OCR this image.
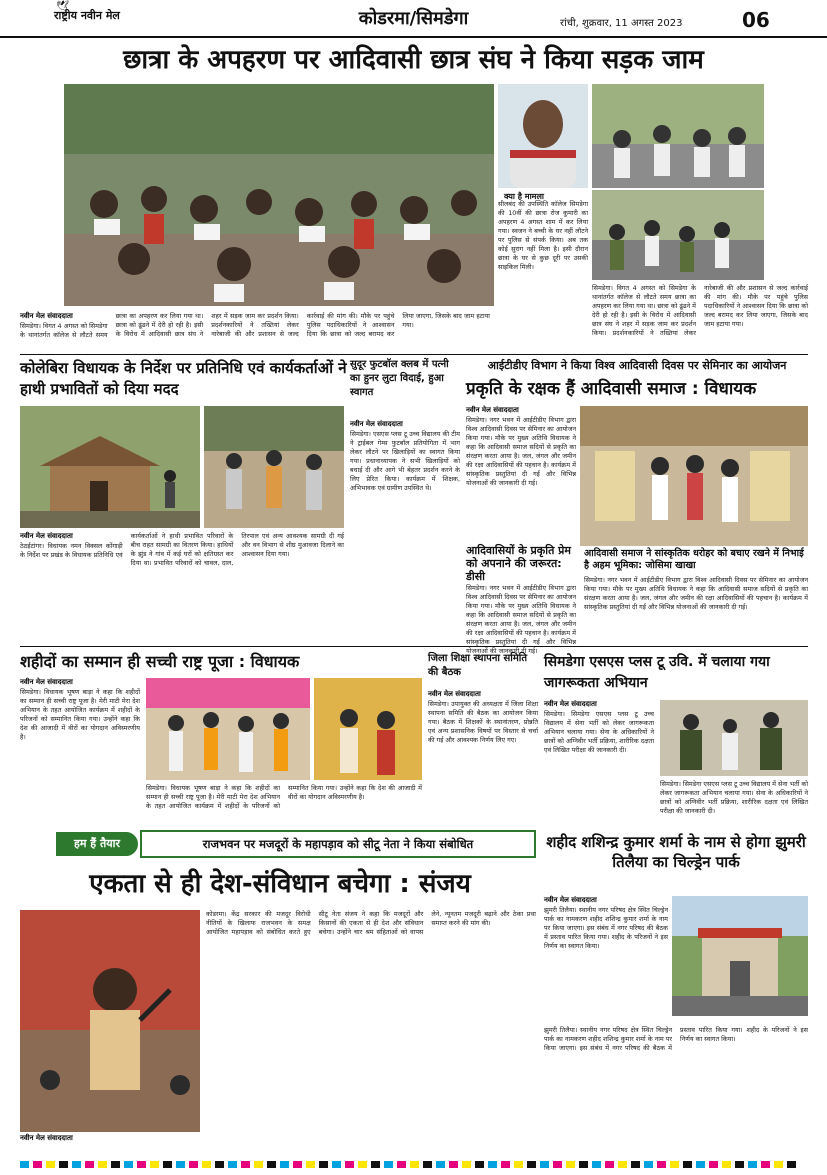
🕊
राष्ट्रीय नवीन मेल	कोडरमा/सिमडेगा	रांची, शुक्रवार, 11 अगस्त 2023	06
छात्रा के अपहरण पर आदिवासी छात्र संघ ने किया सड़क जाम
क्या है मामला
नवीन मेल संवाददाता
सिमडेगा। विगत 4 अगस्त को सिमडेगा के थानांतर्गत कॉलेज से लौटते समय छात्रा का अपहरण कर लिया गया था। छात्रा को ढूंढने में देरी हो रही है। इसी के विरोध में आदिवासी छात्र संघ ने शहर में सड़क जाम कर प्रदर्शन किया। प्रदर्शनकारियों ने तख्तियां लेकर नारेबाजी की और प्रशासन से जल्द कार्रवाई की मांग की। मौके पर पहुंचे पुलिस पदाधिकारियों ने आश्वासन दिया कि छात्रा को जल्द बरामद कर लिया जाएगा, जिसके बाद जाम हटाया गया।
सीलबंद की उपस्थिति कॉलेज सिमडेगा की 10वीं की छात्रा रोज कुमारी का अपहरण 4 अगस्त शाम में कर लिया गया। स्वजन ने बच्ची के घर नहीं लौटने पर पुलिस से संपर्क किया। अब तक कोई सुराग नहीं मिला है। इसी दौरान छात्रा के घर से कुछ दूरी पर उसकी साइकिल मिली।
सिमडेगा। विगत 4 अगस्त को सिमडेगा के थानांतर्गत कॉलेज से लौटते समय छात्रा का अपहरण कर लिया गया था। छात्रा को ढूंढने में देरी हो रही है। इसी के विरोध में आदिवासी छात्र संघ ने शहर में सड़क जाम कर प्रदर्शन किया। प्रदर्शनकारियों ने तख्तियां लेकर नारेबाजी की और प्रशासन से जल्द कार्रवाई की मांग की। मौके पर पहुंचे पुलिस पदाधिकारियों ने आश्वासन दिया कि छात्रा को जल्द बरामद कर लिया जाएगा, जिसके बाद जाम हटाया गया।
कोलेबिरा विधायक के निर्देश पर प्रतिनिधि एवं कार्यकर्ताओं ने हाथी प्रभावितों को दिया मदद
नवीन मेल संवाददाता
ठेठईटांगर। विधायक नमन विक्सल कोंगाड़ी के निर्देश पर प्रखंड के विधायक प्रतिनिधि एवं कार्यकर्ताओं ने हाथी प्रभावित परिवारों के बीच राहत सामग्री का वितरण किया। हाथियों के झुंड ने गांव में कई घरों को क्षतिग्रस्त कर दिया था। प्रभावित परिवारों को चावल, दाल, तिरपाल एवं अन्य आवश्यक सामग्री दी गई और वन विभाग से शीघ्र मुआवजा दिलाने का आश्वासन दिया गया।
सुदूर फुटबॉल क्लब में पत्नी का हुनर लुटा विदाई, हुआ स्वागत
नवीन मेल संवाददाता
सिमडेगा। एसएस प्लस टू उच्च विद्यालय की टीम ने ट्राईबल गेम्स फुटबॉल प्रतियोगिता में भाग लेकर लौटने पर खिलाड़ियों का स्वागत किया गया। प्रधानाध्यापक ने सभी खिलाड़ियों को बधाई दी और आगे भी बेहतर प्रदर्शन करने के लिए प्रेरित किया। कार्यक्रम में शिक्षक, अभिभावक एवं ग्रामीण उपस्थित थे।
आईटीडीए विभाग ने किया विश्व आदिवासी दिवस पर सेमिनार का आयोजन
प्रकृति के रक्षक हैं आदिवासी समाज : विधायक
नवीन मेल संवाददाता
सिमडेगा। नगर भवन में आईटीडीए विभाग द्वारा विश्व आदिवासी दिवस पर सेमिनार का आयोजन किया गया। मौके पर मुख्य अतिथि विधायक ने कहा कि आदिवासी समाज सदियों से प्रकृति का संरक्षण करता आया है। जल, जंगल और जमीन की रक्षा आदिवासियों की पहचान है। कार्यक्रम में सांस्कृतिक प्रस्तुतियां दी गईं और विभिन्न योजनाओं की जानकारी दी गई।
आदिवासियों के प्रकृति प्रेम को अपनाने की जरूरत: डीसी
आदिवासी समाज ने सांस्कृतिक धरोहर को बचाए रखने में निभाई है अहम भूमिका: जोसिमा खाखा
सिमडेगा। नगर भवन में आईटीडीए विभाग द्वारा विश्व आदिवासी दिवस पर सेमिनार का आयोजन किया गया। मौके पर मुख्य अतिथि विधायक ने कहा कि आदिवासी समाज सदियों से प्रकृति का संरक्षण करता आया है। जल, जंगल और जमीन की रक्षा आदिवासियों की पहचान है। कार्यक्रम में सांस्कृतिक प्रस्तुतियां दी गईं और विभिन्न योजनाओं की जानकारी दी गई।
सिमडेगा। नगर भवन में आईटीडीए विभाग द्वारा विश्व आदिवासी दिवस पर सेमिनार का आयोजन किया गया। मौके पर मुख्य अतिथि विधायक ने कहा कि आदिवासी समाज सदियों से प्रकृति का संरक्षण करता आया है। जल, जंगल और जमीन की रक्षा आदिवासियों की पहचान है। कार्यक्रम में सांस्कृतिक प्रस्तुतियां दी गईं और विभिन्न योजनाओं की जानकारी दी गई।
शहीदों का सम्मान ही सच्ची राष्ट्र पूजा : विधायक
नवीन मेल संवाददाता
सिमडेगा। विधायक भूषण बाड़ा ने कहा कि शहीदों का सम्मान ही सच्ची राष्ट्र पूजा है। मेरी माटी मेरा देश अभियान के तहत आयोजित कार्यक्रम में शहीदों के परिजनों को सम्मानित किया गया। उन्होंने कहा कि देश की आजादी में वीरों का योगदान अविस्मरणीय है।
सिमडेगा। विधायक भूषण बाड़ा ने कहा कि शहीदों का सम्मान ही सच्ची राष्ट्र पूजा है। मेरी माटी मेरा देश अभियान के तहत आयोजित कार्यक्रम में शहीदों के परिजनों को सम्मानित किया गया। उन्होंने कहा कि देश की आजादी में वीरों का योगदान अविस्मरणीय है।
जिला शिक्षा स्थापना समिति की बैठक
नवीन मेल संवाददाता
सिमडेगा। उपायुक्त की अध्यक्षता में जिला शिक्षा स्थापना समिति की बैठक का आयोजन किया गया। बैठक में शिक्षकों के स्थानांतरण, प्रोन्नति एवं अन्य प्रशासनिक विषयों पर विस्तार से चर्चा की गई और आवश्यक निर्णय लिए गए।
सिमडेगा एसएस प्लस टू उवि. में चलाया गया जागरूकता अभियान
नवीन मेल संवाददाता
सिमडेगा। सिमडेगा एसएस प्लस टू उच्च विद्यालय में सेना भर्ती को लेकर जागरूकता अभियान चलाया गया। सेना के अधिकारियों ने छात्रों को अग्निवीर भर्ती प्रक्रिया, शारीरिक दक्षता एवं लिखित परीक्षा की जानकारी दी।
सिमडेगा। सिमडेगा एसएस प्लस टू उच्च विद्यालय में सेना भर्ती को लेकर जागरूकता अभियान चलाया गया। सेना के अधिकारियों ने छात्रों को अग्निवीर भर्ती प्रक्रिया, शारीरिक दक्षता एवं लिखित परीक्षा की जानकारी दी।
हम हैं तैयार	राजभवन पर मजदूरों के महापड़ाव को सीटू नेता ने किया संबोधित
एकता से ही देश-संविधान बचेगा : संजय
नवीन मेल संवाददाता
कोडरमा। केंद्र सरकार की मजदूर विरोधी नीतियों के खिलाफ राजभवन के समक्ष आयोजित महापड़ाव को संबोधित करते हुए सीटू नेता संजय ने कहा कि मजदूरों और किसानों की एकता से ही देश और संविधान बचेगा। उन्होंने चार श्रम संहिताओं को वापस लेने, न्यूनतम मजदूरी बढ़ाने और ठेका प्रथा समाप्त करने की मांग की।
शहीद शशिन्द्र कुमार शर्मा के नाम से होगा झुमरी तिलैया का चिल्ड्रेन पार्क
नवीन मेल संवाददाता
झुमरी तिलैया। स्थानीय नगर परिषद क्षेत्र स्थित चिल्ड्रेन पार्क का नामकरण शहीद शशिन्द्र कुमार शर्मा के नाम पर किया जाएगा। इस संबंध में नगर परिषद की बैठक में प्रस्ताव पारित किया गया। शहीद के परिजनों ने इस निर्णय का स्वागत किया।
झुमरी तिलैया। स्थानीय नगर परिषद क्षेत्र स्थित चिल्ड्रेन पार्क का नामकरण शहीद शशिन्द्र कुमार शर्मा के नाम पर किया जाएगा। इस संबंध में नगर परिषद की बैठक में प्रस्ताव पारित किया गया। शहीद के परिजनों ने इस निर्णय का स्वागत किया।
